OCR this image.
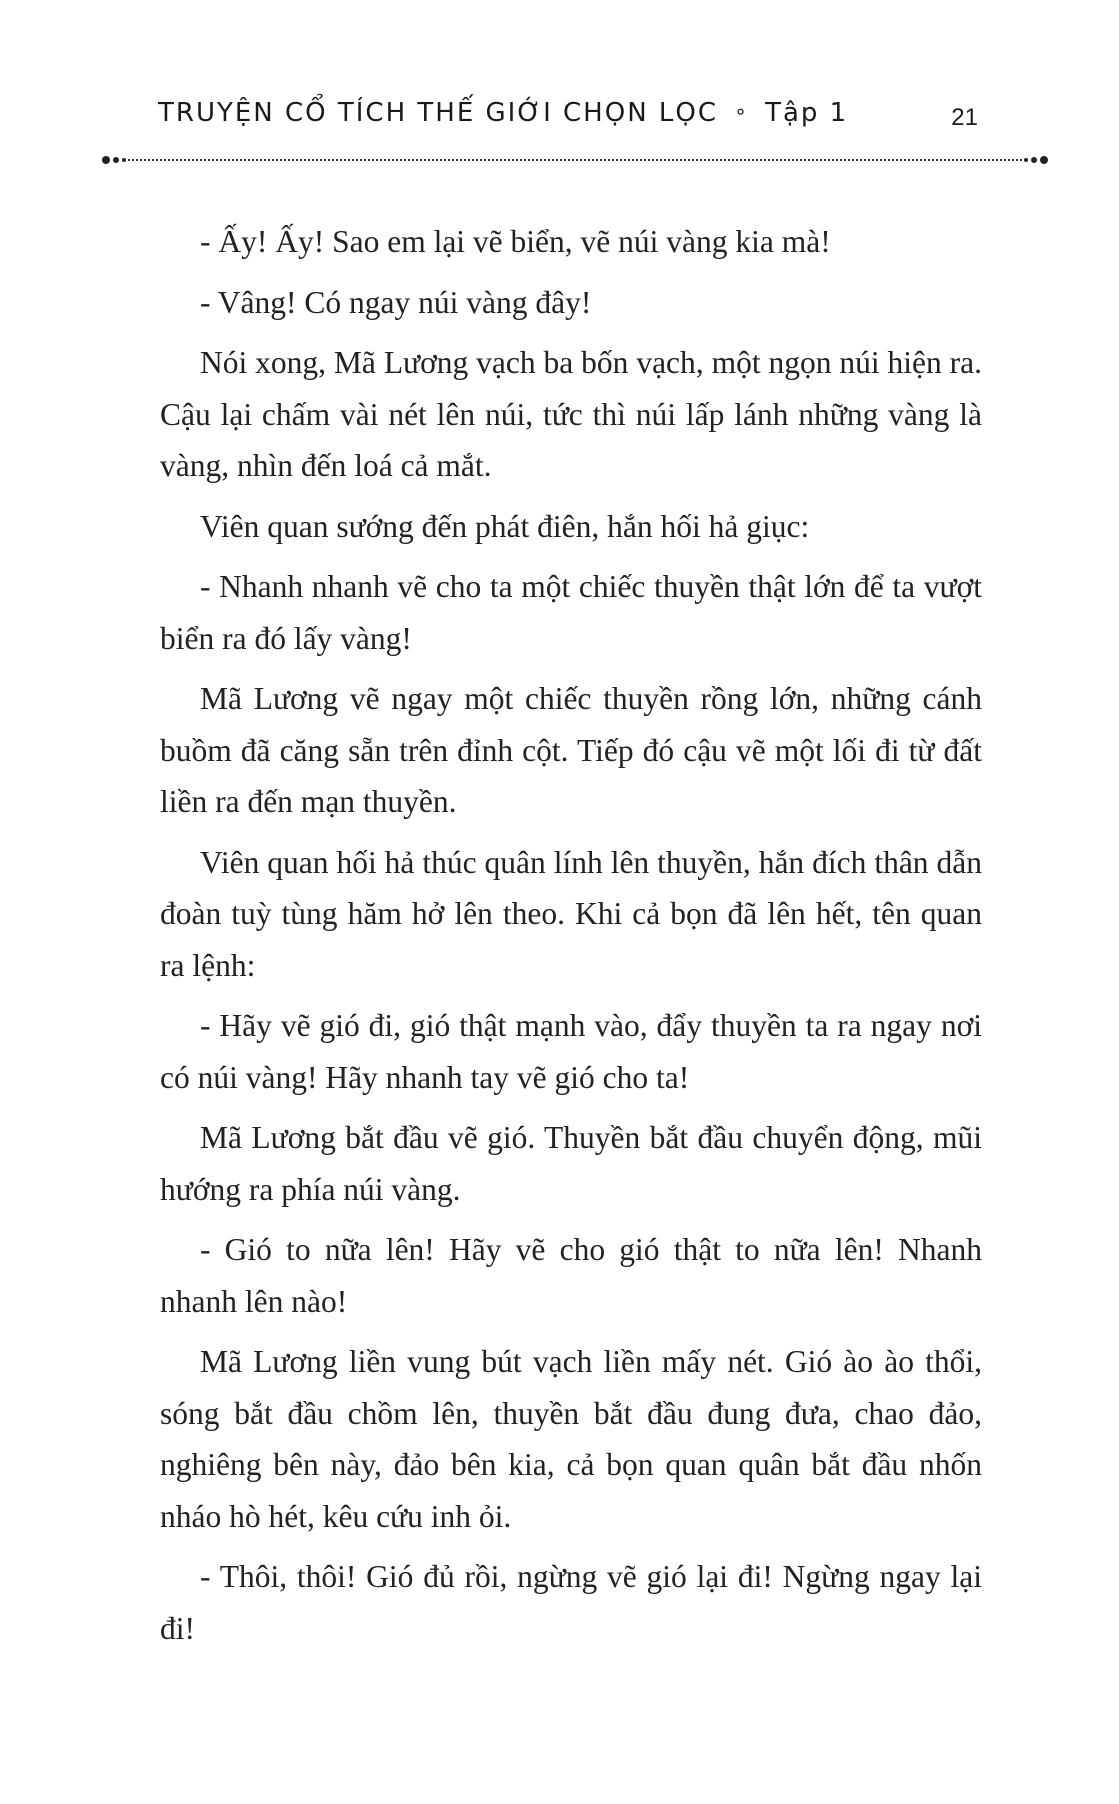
TRUYỆN CỔ TÍCH THẾ GIỚI CHỌN LỌC ∘ Tập 1	21

- Ấy! Ấy! Sao em lại vẽ biển, vẽ núi vàng kia mà!

- Vâng! Có ngay núi vàng đây!

Nói xong, Mã Lương vạch ba bốn vạch, một ngọn núi hiện ra. Cậu lại chấm vài nét lên núi, tức thì núi lấp lánh những vàng là vàng, nhìn đến loá cả mắt.

Viên quan sướng đến phát điên, hắn hối hả giục:

- Nhanh nhanh vẽ cho ta một chiếc thuyền thật lớn để ta vượt biển ra đó lấy vàng!

Mã Lương vẽ ngay một chiếc thuyền rồng lớn, những cánh buồm đã căng sẵn trên đỉnh cột. Tiếp đó cậu vẽ một lối đi từ đất liền ra đến mạn thuyền.

Viên quan hối hả thúc quân lính lên thuyền, hắn đích thân dẫn đoàn tuỳ tùng hăm hở lên theo. Khi cả bọn đã lên hết, tên quan ra lệnh:

- Hãy vẽ gió đi, gió thật mạnh vào, đẩy thuyền ta ra ngay nơi có núi vàng! Hãy nhanh tay vẽ gió cho ta!

Mã Lương bắt đầu vẽ gió. Thuyền bắt đầu chuyển động, mũi hướng ra phía núi vàng.

- Gió to nữa lên! Hãy vẽ cho gió thật to nữa lên! Nhanh nhanh lên nào!

Mã Lương liền vung bút vạch liền mấy nét. Gió ào ào thổi, sóng bắt đầu chồm lên, thuyền bắt đầu đung đưa, chao đảo, nghiêng bên này, đảo bên kia, cả bọn quan quân bắt đầu nhốn nháo hò hét, kêu cứu inh ỏi.

- Thôi, thôi! Gió đủ rồi, ngừng vẽ gió lại đi! Ngừng ngay lại đi!
